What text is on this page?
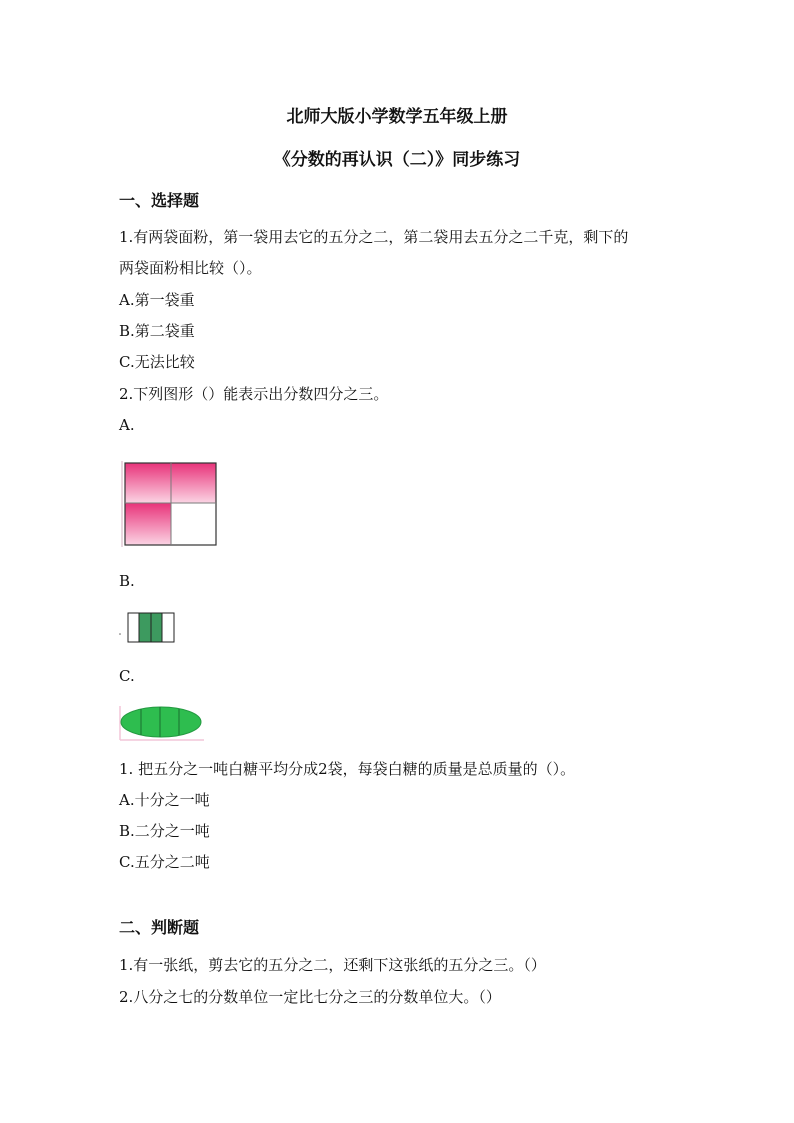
北师大版小学数学五年级上册
《分数的再认识（二）》同步练习
一、选择题
1.有两袋面粉，第一袋用去它的五分之二，第二袋用去五分之二千克，剩下的
两袋面粉相比较（）。
A.第一袋重
B.第二袋重
C.无法比较
2.下列图形（）能表示出分数四分之三。
A.
B.
C.
1. 把五分之一吨白糖平均分成2袋，每袋白糖的质量是总质量的（）。
A.十分之一吨
B.二分之一吨
C.五分之二吨
二、判断题
1.有一张纸，剪去它的五分之二，还剩下这张纸的五分之三。（）
2.八分之七的分数单位一定比七分之三的分数单位大。（）
